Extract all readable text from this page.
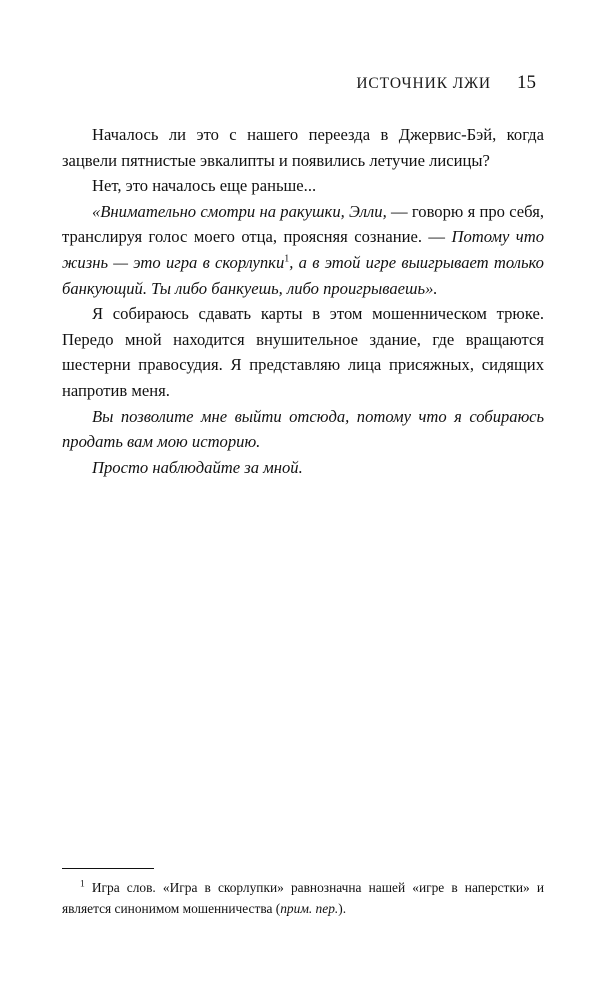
ИСТОЧНИК ЛЖИ 15

Началось ли это с нашего переезда в Джервис-Бэй, когда зацвели пятнистые эвкалипты и появились летучие лисицы?

Нет, это началось еще раньше...

«Внимательно смотри на ракушки, Элли, — говорю я про себя, транслируя голос моего отца, проясняя сознание. — Потому что жизнь — это игра в скорлупки$^1$, а в этой игре выигрывает только банкующий. Ты либо банкуешь, либо проигрываешь».

Я собираюсь сдавать карты в этом мошенническом трюке. Передо мной находится внушительное здание, где вращаются шестерни правосудия. Я представляю лица присяжных, сидящих напротив меня.

Вы позволите мне выйти отсюда, потому что я собираюсь продать вам мою историю.

Просто наблюдайте за мной.

$^1$ Игра слов. «Игра в скорлупки» равнозначна нашей «игре в наперстки» и является синонимом мошенничества (прим. пер.).
